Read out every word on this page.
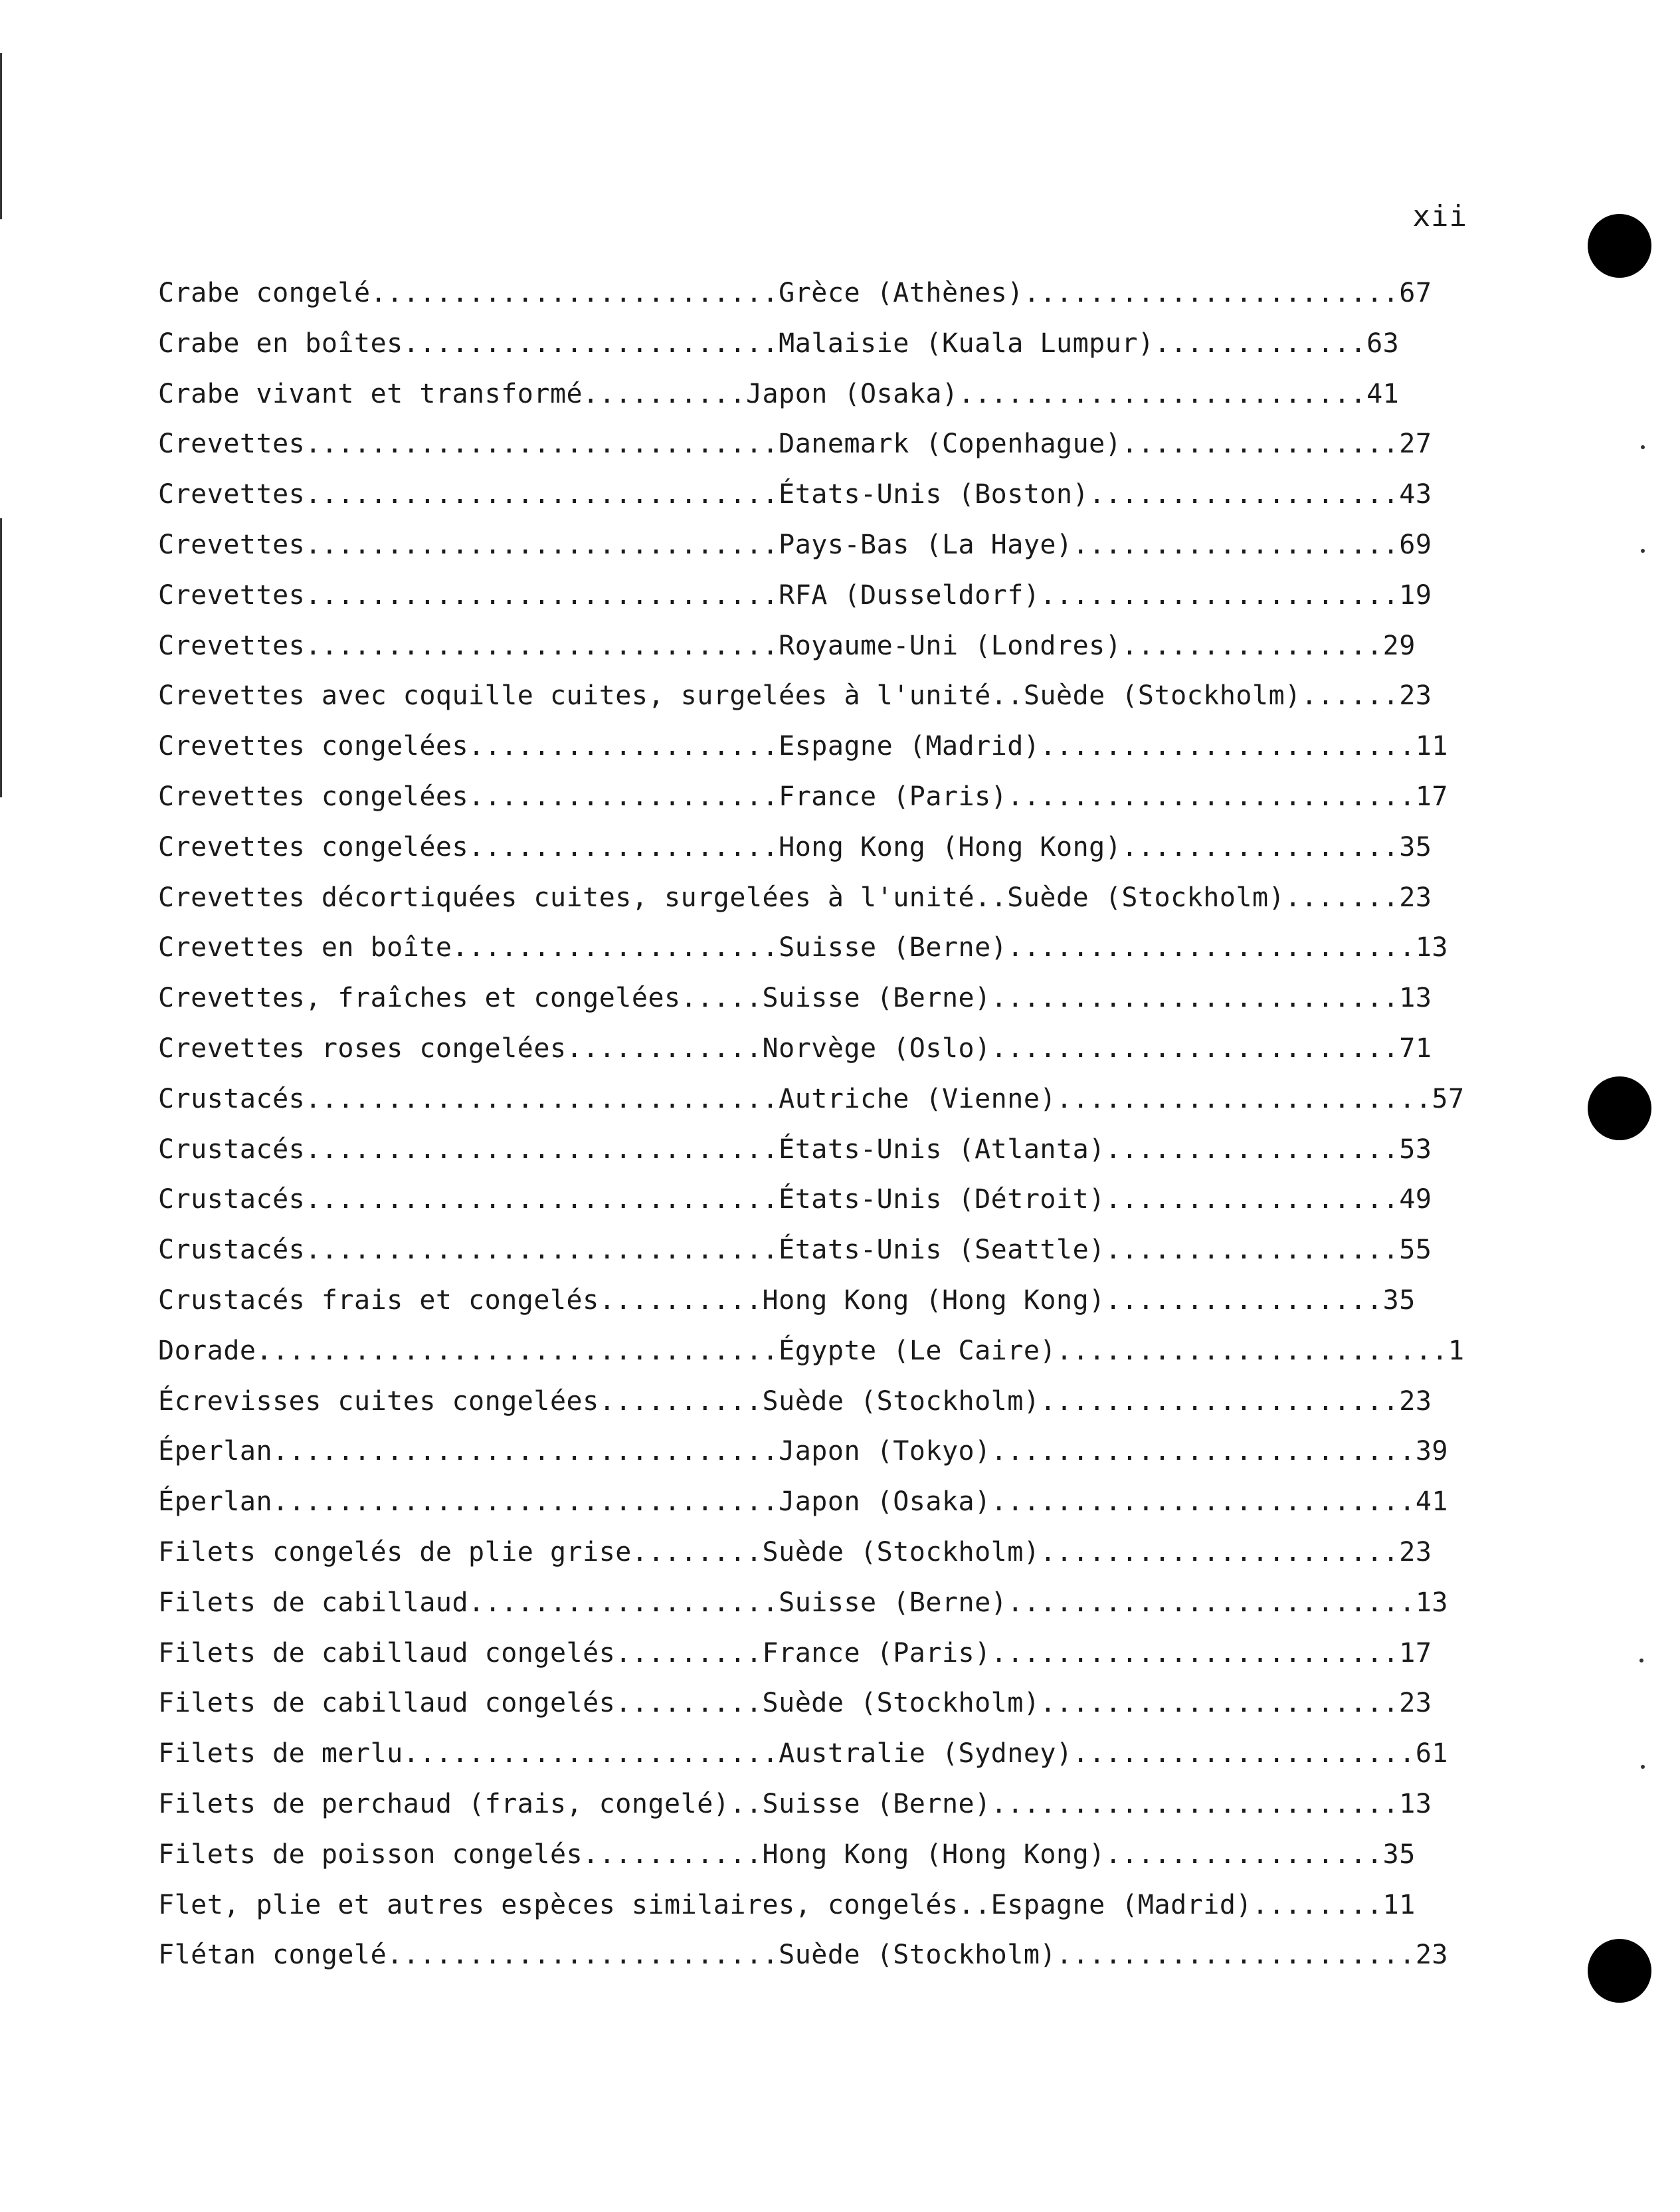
xii
Crabe congelé.........................Grèce (Athènes).......................67
Crabe en boîtes.......................Malaisie (Kuala Lumpur).............63
Crabe vivant et transformé..........Japon (Osaka).........................41
Crevettes.............................Danemark (Copenhague).................27
Crevettes.............................États-Unis (Boston)...................43
Crevettes.............................Pays-Bas (La Haye)....................69
Crevettes.............................RFA (Dusseldorf)......................19
Crevettes.............................Royaume-Uni (Londres)................29
Crevettes avec coquille cuites, surgelées à l'unité..Suède (Stockholm)......23
Crevettes congelées...................Espagne (Madrid).......................11
Crevettes congelées...................France (Paris).........................17
Crevettes congelées...................Hong Kong (Hong Kong).................35
Crevettes décortiquées cuites, surgelées à l'unité..Suède (Stockholm).......23
Crevettes en boîte....................Suisse (Berne).........................13
Crevettes, fraîches et congelées.....Suisse (Berne).........................13
Crevettes roses congelées............Norvège (Oslo).........................71
Crustacés.............................Autriche (Vienne).......................57
Crustacés.............................États-Unis (Atlanta)..................53
Crustacés.............................États-Unis (Détroit)..................49
Crustacés.............................États-Unis (Seattle)..................55
Crustacés frais et congelés..........Hong Kong (Hong Kong).................35
Dorade................................Égypte (Le Caire)........................1
Écrevisses cuites congelées..........Suède (Stockholm)......................23
Éperlan...............................Japon (Tokyo)..........................39
Éperlan...............................Japon (Osaka)..........................41
Filets congelés de plie grise........Suède (Stockholm)......................23
Filets de cabillaud...................Suisse (Berne).........................13
Filets de cabillaud congelés.........France (Paris).........................17
Filets de cabillaud congelés.........Suède (Stockholm)......................23
Filets de merlu.......................Australie (Sydney).....................61
Filets de perchaud (frais, congelé)..Suisse (Berne).........................13
Filets de poisson congelés...........Hong Kong (Hong Kong).................35
Flet, plie et autres espèces similaires, congelés..Espagne (Madrid)........11
Flétan congelé........................Suède (Stockholm)......................23
